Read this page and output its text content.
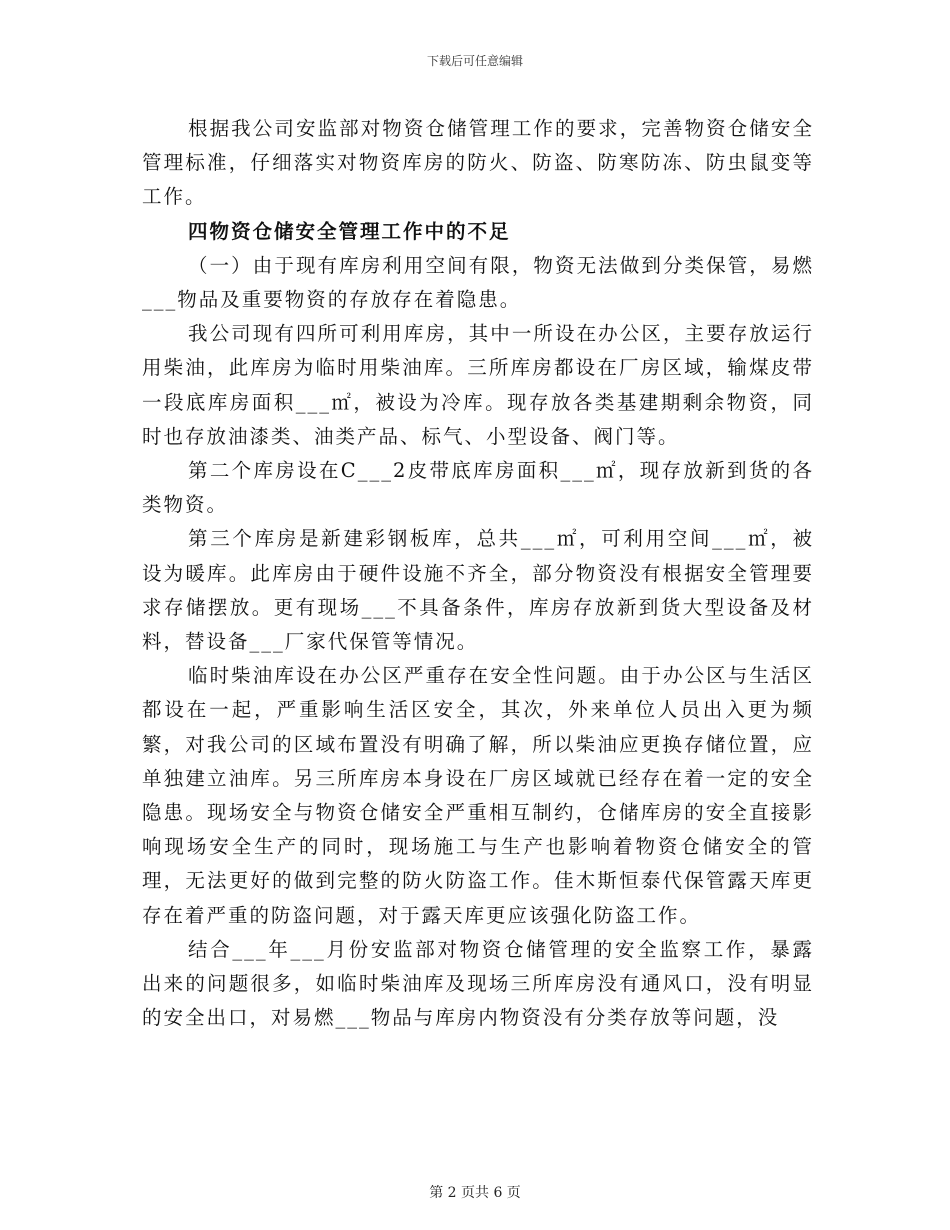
下载后可任意编辑

根据我公司安监部对物资仓储管理工作的要求，完善物资仓储安全管理标准，仔细落实对物资库房的防火、防盗、防寒防冻、防虫鼠变等工作。

四物资仓储安全管理工作中的不足

（一）由于现有库房利用空间有限，物资无法做到分类保管，易燃___物品及重要物资的存放存在着隐患。

我公司现有四所可利用库房，其中一所设在办公区，主要存放运行用柴油，此库房为临时用柴油库。三所库房都设在厂房区域，输煤皮带一段底库房面积___㎡，被设为冷库。现存放各类基建期剩余物资，同时也存放油漆类、油类产品、标气、小型设备、阀门等。

第二个库房设在C___2皮带底库房面积___㎡，现存放新到货的各类物资。

第三个库房是新建彩钢板库，总共___㎡，可利用空间___㎡，被设为暖库。此库房由于硬件设施不齐全，部分物资没有根据安全管理要求存储摆放。更有现场___不具备条件，库房存放新到货大型设备及材料，替设备___厂家代保管等情况。

临时柴油库设在办公区严重存在安全性问题。由于办公区与生活区都设在一起，严重影响生活区安全，其次，外来单位人员出入更为频繁，对我公司的区域布置没有明确了解，所以柴油应更换存储位置，应单独建立油库。另三所库房本身设在厂房区域就已经存在着一定的安全隐患。现场安全与物资仓储安全严重相互制约，仓储库房的安全直接影响现场安全生产的同时，现场施工与生产也影响着物资仓储安全的管理，无法更好的做到完整的防火防盗工作。佳木斯恒泰代保管露天库更存在着严重的防盗问题，对于露天库更应该强化防盗工作。

结合___年___月份安监部对物资仓储管理的安全监察工作，暴露出来的问题很多，如临时柴油库及现场三所库房没有通风口，没有明显的安全出口，对易燃___物品与库房内物资没有分类存放等问题，没

第 2 页共 6 页
